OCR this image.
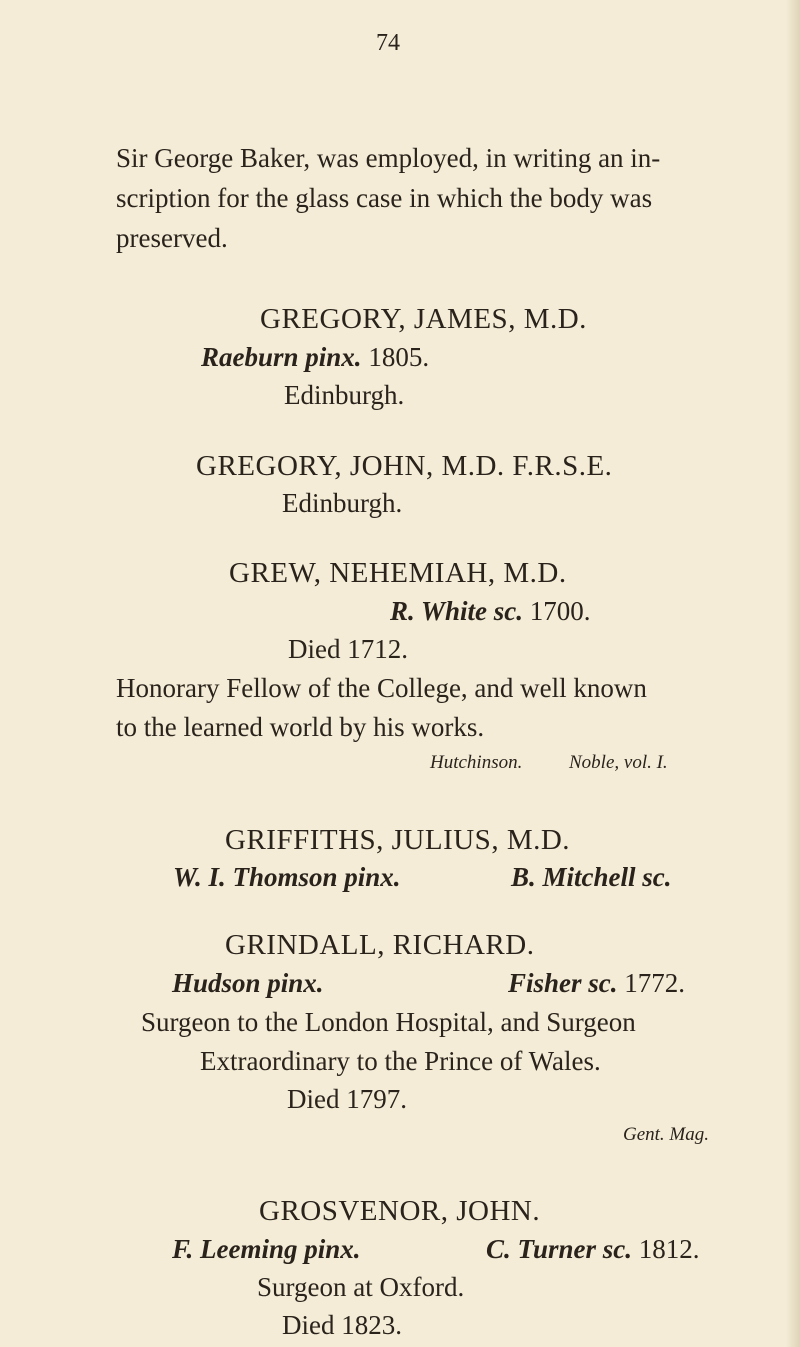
74
Sir George Baker, was employed, in writing an in-
scription for the glass case in which the body was
preserved.
GREGORY, JAMES, M.D.
Raeburn pinx. 1805.
Edinburgh.
GREGORY, JOHN, M.D. F.R.S.E.
Edinburgh.
GREW, NEHEMIAH, M.D.
R. White sc. 1700.
Died 1712.
Honorary Fellow of the College, and well known
to the learned world by his works.
Hutchinson. Noble, vol. I.
GRIFFITHS, JULIUS, M.D.
W. I. Thomson pinx.	B. Mitchell sc.
GRINDALL, RICHARD.
Hudson pinx.	Fisher sc. 1772.
Surgeon to the London Hospital, and Surgeon
Extraordinary to the Prince of Wales.
Died 1797.
Gent. Mag.
GROSVENOR, JOHN.
F. Leeming pinx.	C. Turner sc. 1812.
Surgeon at Oxford.
Died 1823.
